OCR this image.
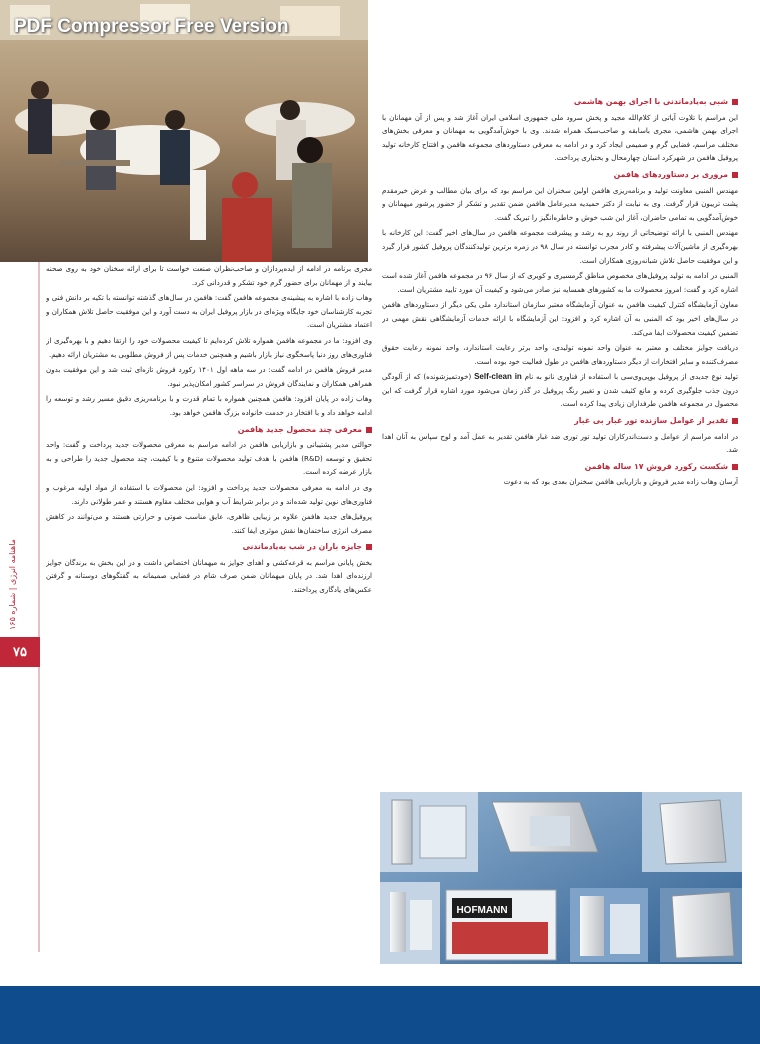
PDF Compressor Free Version
ماهنامه انرژی | شماره ۱۶۵
۷۵

مجری برنامه در ادامه از ایده‌پردازان و صاحب‌نظران صنعت خواست تا برای ارائه سخنان خود به روی صحنه بیایند و از مهمانان برای حضور گرم خود تشکر و قدردانی کرد.

وهاب زاده با اشاره به پیشینه‌ی مجموعه هافمن گفت: هافمن در سال‌های گذشته توانسته با تکیه بر دانش فنی و تجربه کارشناسان خود جایگاه ویژه‌ای در بازار پروفیل ایران به دست آورد و این موفقیت حاصل تلاش همکاران و اعتماد مشتریان است.

وی افزود: ما در مجموعه هافمن همواره تلاش کرده‌ایم تا کیفیت محصولات خود را ارتقا دهیم و با بهره‌گیری از فناوری‌های روز دنیا پاسخگوی نیاز بازار باشیم و همچنین خدمات پس از فروش مطلوبی به مشتریان ارائه دهیم.

مدیر فروش هافمن در ادامه گفت: در سه ماهه اول ۱۴۰۱ رکورد فروش تازه‌ای ثبت شد و این موفقیت بدون همراهی همکاران و نمایندگان فروش در سراسر کشور امکان‌پذیر نبود.

وهاب زاده در پایان افزود: هافمن همچنین همواره با تمام قدرت و با برنامه‌ریزی دقیق مسیر رشد و توسعه را ادامه خواهد داد و با افتخار در خدمت خانواده بزرگ هافمن خواهد بود.

معرفی چند محصول جدید هافمن

حوالتی مدیر پشتیبانی و بازاریابی هافمن در ادامه مراسم به معرفی محصولات جدید پرداخت و گفت: واحد تحقیق و توسعه (R&D) هافمن با هدف تولید محصولات متنوع و با کیفیت، چند محصول جدید را طراحی و به بازار عرضه کرده است.

وی در ادامه به معرفی محصولات جدید پرداخت و افزود: این محصولات با استفاده از مواد اولیه مرغوب و فناوری‌های نوین تولید شده‌اند و در برابر شرایط آب و هوایی مختلف مقاوم هستند و عمر طولانی دارند.

پروفیل‌های جدید هافمن علاوه بر زیبایی ظاهری، عایق مناسب صوتی و حرارتی هستند و می‌توانند در کاهش مصرف انرژی ساختمان‌ها نقش موثری ایفا کنند.

جایزه باران در شب به‌یادماندنی

بخش پایانی مراسم به قرعه‌کشی و اهدای جوایز به میهمانان اختصاص داشت و در این بخش به برندگان جوایز ارزنده‌ای اهدا شد. در پایان میهمانان ضمن صرف شام در فضایی صمیمانه به گفتگوهای دوستانه و گرفتن عکس‌های یادگاری پرداختند.

شبی به‌یادماندنی با اجرای بهمن هاشمی

این مراسم با تلاوت آیاتی از کلام‌الله مجید و پخش سرود ملی جمهوری اسلامی ایران آغاز شد و پس از آن مهمانان با اجرای بهمن هاشمی، مجری باسابقه و صاحب‌سبک همراه شدند. وی با خوش‌آمدگویی به مهمانان و معرفی بخش‌های مختلف مراسم، فضایی گرم و صمیمی ایجاد کرد و در ادامه به معرفی دستاوردهای مجموعه هافمن و افتتاح کارخانه تولید پروفیل هافمن در شهرکرد استان چهارمحال و بختیاری پرداخت.

مروری بر دستاوردهای هافمن

مهندس المنبی معاونت تولید و برنامه‌ریزی هافمن اولین سخنران این مراسم بود که برای بیان مطالب و عرض خیرمقدم پشت تریبون قرار گرفت. وی به نیابت از دکتر حمیدیه مدیرعامل هافمن ضمن تقدیر و تشکر از حضور پرشور میهمانان و خوش‌آمدگویی به تمامی حاضران، آغاز این شب خوش و خاطره‌انگیز را تبریک گفت.

مهندس المنبی با ارائه توضیحاتی از روند رو به رشد و پیشرفت مجموعه هافمن در سال‌های اخیر گفت: این کارخانه با بهره‌گیری از ماشین‌آلات پیشرفته و کادر مجرب توانسته در سال ۹۸ در زمره برترین تولیدکنندگان پروفیل کشور قرار گیرد و این موفقیت حاصل تلاش شبانه‌روزی همکاران است.

المنبی در ادامه به تولید پروفیل‌های مخصوص مناطق گرمسیری و کویری که از سال ۹۶ در مجموعه هافمن آغاز شده است اشاره کرد و گفت: امروز محصولات ما به کشورهای همسایه نیز صادر می‌شود و کیفیت آن مورد تایید مشتریان است.

معاون آزمایشگاه کنترل کیفیت هافمن به عنوان آزمایشگاه معتبر سازمان استاندارد ملی یکی دیگر از دستاوردهای هافمن در سال‌های اخیر بود که المنبی به آن اشاره کرد و افزود: این آزمایشگاه با ارائه خدمات آزمایشگاهی نقش مهمی در تضمین کیفیت محصولات ایفا می‌کند.

دریافت جوایز مختلف و معتبر به عنوان واحد نمونه تولیدی، واحد برتر رعایت استاندارد، واحد نمونه رعایت حقوق مصرف‌کننده و سایر افتخارات از دیگر دستاوردهای هافمن در طول فعالیت خود بوده است.

تولید نوع جدیدی از پروفیل یوپی‌وی‌سی با استفاده از فناوری نانو به نام Self-clean in (خودتمیزشونده) که از آلودگی درون جذب جلوگیری کرده و مانع کثیف شدن و تغییر رنگ پروفیل در گذر زمان می‌شود مورد اشاره قرار گرفت که این محصول در مجموعه هافمن طرفداران زیادی پیدا کرده است.

تقدیر از عوامل سازنده تور غبار بی غبار

در ادامه مراسم از عوامل و دست‌اندرکاران تولید تور توری ضد غبار هافمن تقدیر به عمل آمد و لوح سپاس به آنان اهدا شد.

شکست رکورد فروش ۱۷ ساله هافمن

آرسان وهاب زاده مدیر فروش و بازاریابی هافمن سخنران بعدی بود که به دعوت

HOFMANN
